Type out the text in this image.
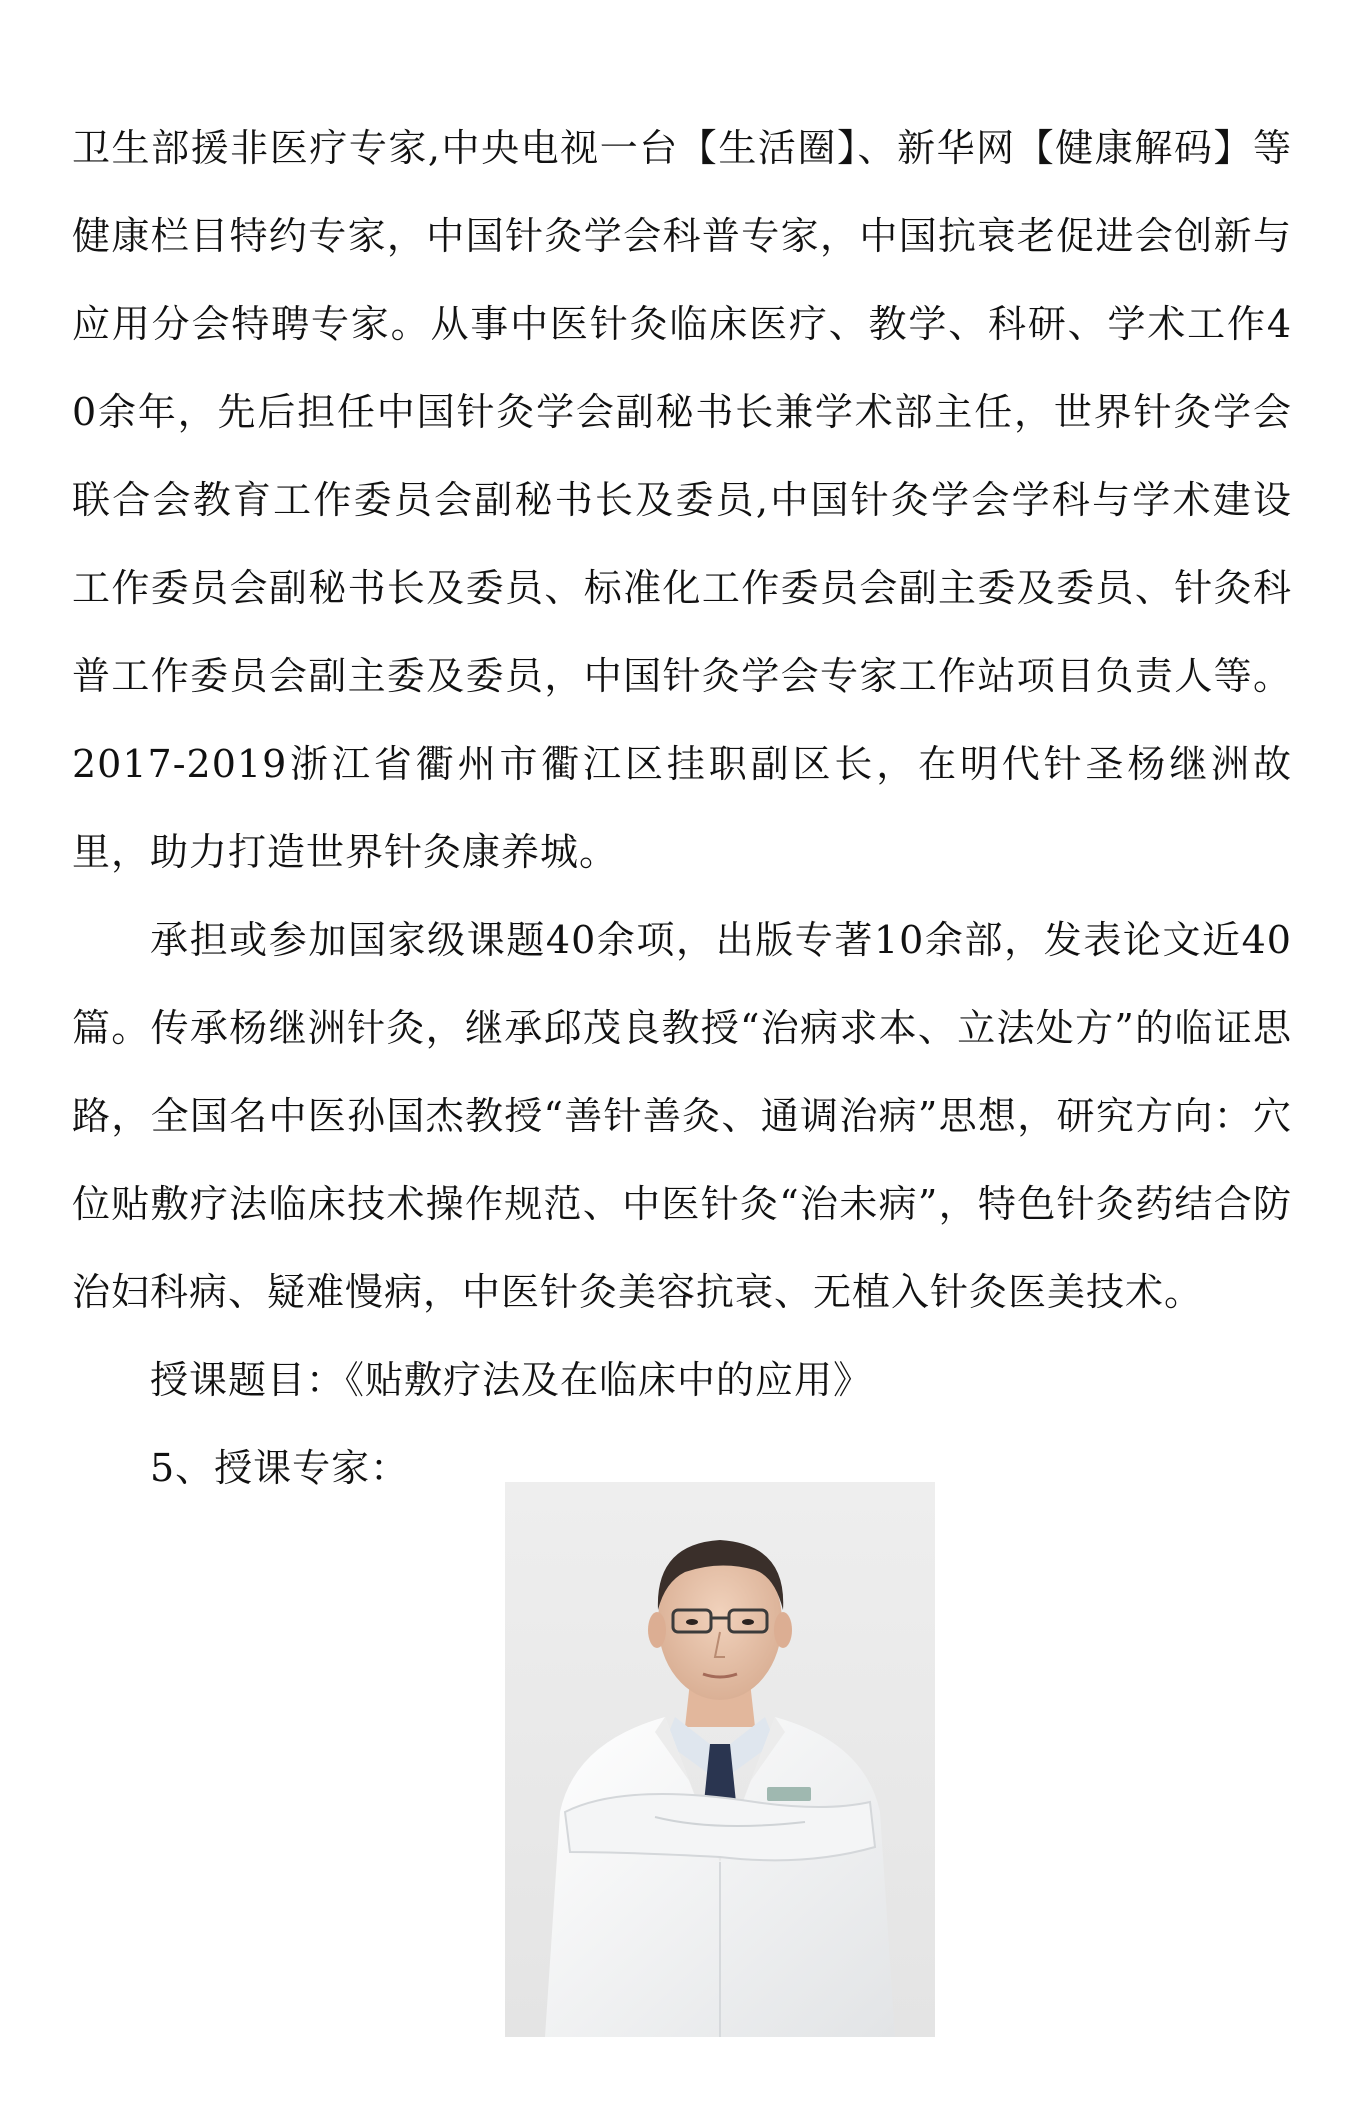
卫生部援非医疗专家,中央电视一台【生活圈】、新华网【健康解码】等健康栏目特约专家，中国针灸学会科普专家，中国抗衰老促进会创新与应用分会特聘专家。从事中医针灸临床医疗、教学、科研、学术工作40余年，先后担任中国针灸学会副秘书长兼学术部主任，世界针灸学会联合会教育工作委员会副秘书长及委员,中国针灸学会学科与学术建设工作委员会副秘书长及委员、标准化工作委员会副主委及委员、针灸科普工作委员会副主委及委员，中国针灸学会专家工作站项目负责人等。2017-2019浙江省衢州市衢江区挂职副区长，在明代针圣杨继洲故里，助力打造世界针灸康养城。

承担或参加国家级课题40余项，出版专著10余部，发表论文近40篇。传承杨继洲针灸，继承邱茂良教授“治病求本、立法处方”的临证思路，全国名中医孙国杰教授“善针善灸、通调治病”思想，研究方向：穴位贴敷疗法临床技术操作规范、中医针灸“治未病”，特色针灸药结合防治妇科病、疑难慢病，中医针灸美容抗衰、无植入针灸医美技术。

授课题目：《贴敷疗法及在临床中的应用》

5、授课专家：
